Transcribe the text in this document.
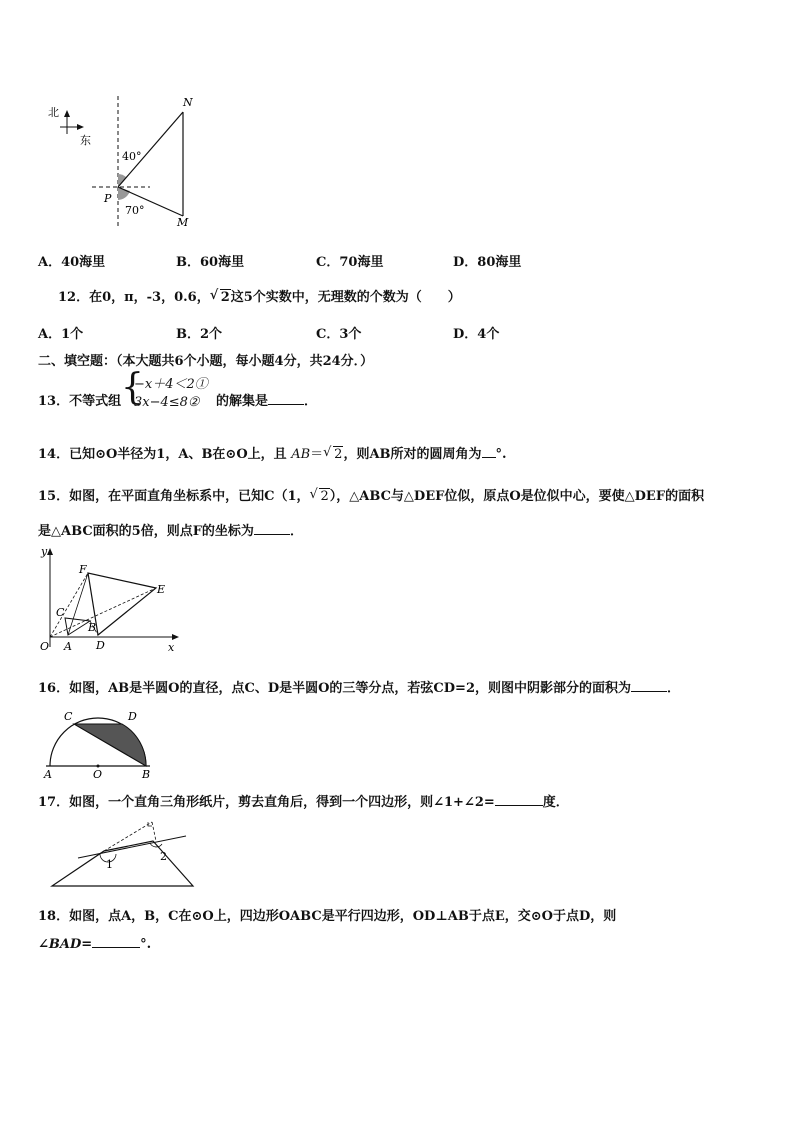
北
东
N
P
M
40°
70°
A．40海里	B．60海里	C．70海里	D．80海里
12．在0，π，-3，0.6， √ 2这5个实数中，无理数的个数为（　　）
A．1个	B．2个	C．3个	D．4个
二、填空题：（本大题共6个小题，每小题4分，共24分．）
13．不等式组 {
−x＋4＜2①
3x−4≤8②	的解集是	．
14．已知⊙O半径为1，A、B在⊙O上，且 AB＝ √ 2，则AB所对的圆周角为 °.
15．如图，在平面直角坐标系中，已知C（1， √ 2），△ABC与△DEF位似，原点O是位似中心，要使△DEF的面积
是△ABC面积的5倍，则点F的坐标为	．
y
x
O A
B
C
D
E
F
16．如图，AB是半圆O的直径，点C、D是半圆O的三等分点，若弦CD=2，则图中阴影部分的面积为	．
A	O	B
C	D
17．如图，一个直角三角形纸片，剪去直角后，得到一个四边形，则∠1+∠2=	度．
1
2
18．如图，点A，B，C在⊙O上，四边形OABC是平行四边形，OD⊥AB于点E，交⊙O于点D，则
∠BAD=	°.
